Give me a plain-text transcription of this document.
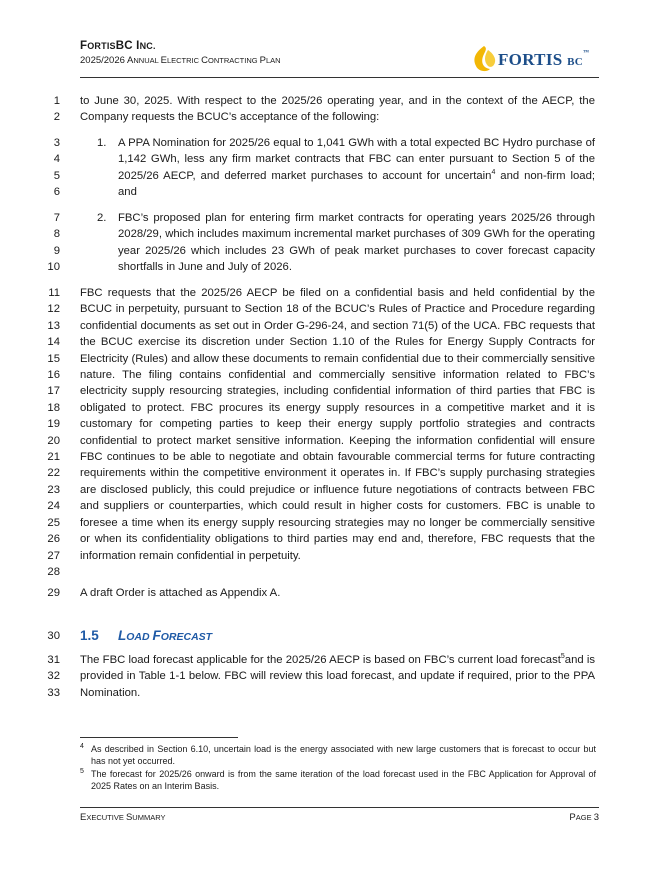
FORTISBC INC.
2025/2026 ANNUAL ELECTRIC CONTRACTING PLAN	FORTIS BC™
1
2
to June 30, 2025. With respect to the 2025/26 operating year, and in the context of the AECP, the Company requests the BCUC’s acceptance of the following:
3
4
5
6
1. A PPA Nomination for 2025/26 equal to 1,041 GWh with a total expected BC Hydro purchase of 1,142 GWh, less any firm market contracts that FBC can enter pursuant to Section 5 of the 2025/26 AECP, and deferred market purchases to account for uncertain$^4$ and non-firm load; and
7
8
9
10
2. FBC’s proposed plan for entering firm market contracts for operating years 2025/26 through 2028/29, which includes maximum incremental market purchases of 309 GWh for the operating year 2025/26 which includes 23 GWh of peak market purchases to cover forecast capacity shortfalls in June and July of 2026.
11
12
13
14
15
16
17
18
19
20
21
22
23
24
25
26
27
28
FBC requests that the 2025/26 AECP be filed on a confidential basis and held confidential by the BCUC in perpetuity, pursuant to Section 18 of the BCUC’s Rules of Practice and Procedure regarding confidential documents as set out in Order G-296-24, and section 71(5) of the UCA. FBC requests that the BCUC exercise its discretion under Section 1.10 of the Rules for Energy Supply Contracts for Electricity (Rules) and allow these documents to remain confidential due to their commercially sensitive nature. The filing contains confidential and commercially sensitive information related to FBC’s electricity supply resourcing strategies, including confidential information of third parties that FBC is obligated to protect. FBC procures its energy supply resources in a competitive market and it is customary for competing parties to keep their energy supply portfolio strategies and contracts confidential to protect market sensitive information. Keeping the information confidential will ensure FBC continues to be able to negotiate and obtain favourable commercial terms for future contracting requirements within the competitive environment it operates in. If FBC’s supply purchasing strategies are disclosed publicly, this could prejudice or influence future negotiations of contracts between FBC and suppliers or counterparties, which could result in higher costs for customers. FBC is unable to foresee a time when its energy supply resourcing strategies may no longer be commercially sensitive or when its confidentiality obligations to third parties may end and, therefore, FBC requests that the information remain confidential in perpetuity.
29 A draft Order is attached as Appendix A.
30 1.5 LOAD FORECAST
31
32
33
The FBC load forecast applicable for the 2025/26 AECP is based on FBC’s current load forecast$^5$and is provided in Table 1-1 below. FBC will review this load forecast, and update if required, prior to the PPA Nomination.
4 As described in Section 6.10, uncertain load is the energy associated with new large customers that is forecast to occur but has not yet occurred.
5 The forecast for 2025/26 onward is from the same iteration of the load forecast used in the FBC Application for Approval of 2025 Rates on an Interim Basis.
EXECUTIVE SUMMARY	PAGE 3
